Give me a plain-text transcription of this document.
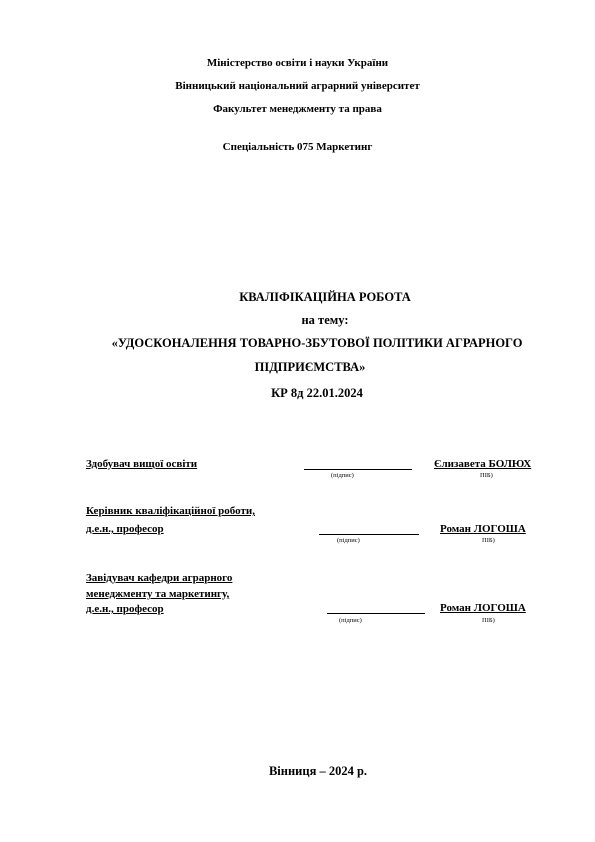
Міністерство освіти і науки України
Вінницький національний аграрний університет
Факультет менеджменту та права
Спеціальність 075 Маркетинг
КВАЛІФІКАЦІЙНА РОБОТА
на тему:
«УДОСКОНАЛЕННЯ ТОВАРНО-ЗБУТОВОЇ ПОЛІТИКИ АГРАРНОГО
ПІДПРИЄМСТВА»
КР 8д 22.01.2024
Здобувач вищої освіти
(підпис)
Єлизавета БОЛЮХ
ПІБ)
Керівник кваліфікаційної роботи,
д.е.н., професор
(підпис)
Роман ЛОГОША
ПІБ)
Завідувач кафедри аграрного
менеджменту та маркетингу,
д.е.н., професор
(підпис)
Роман ЛОГОША
ПІБ)
Вінниця – 2024 р.
